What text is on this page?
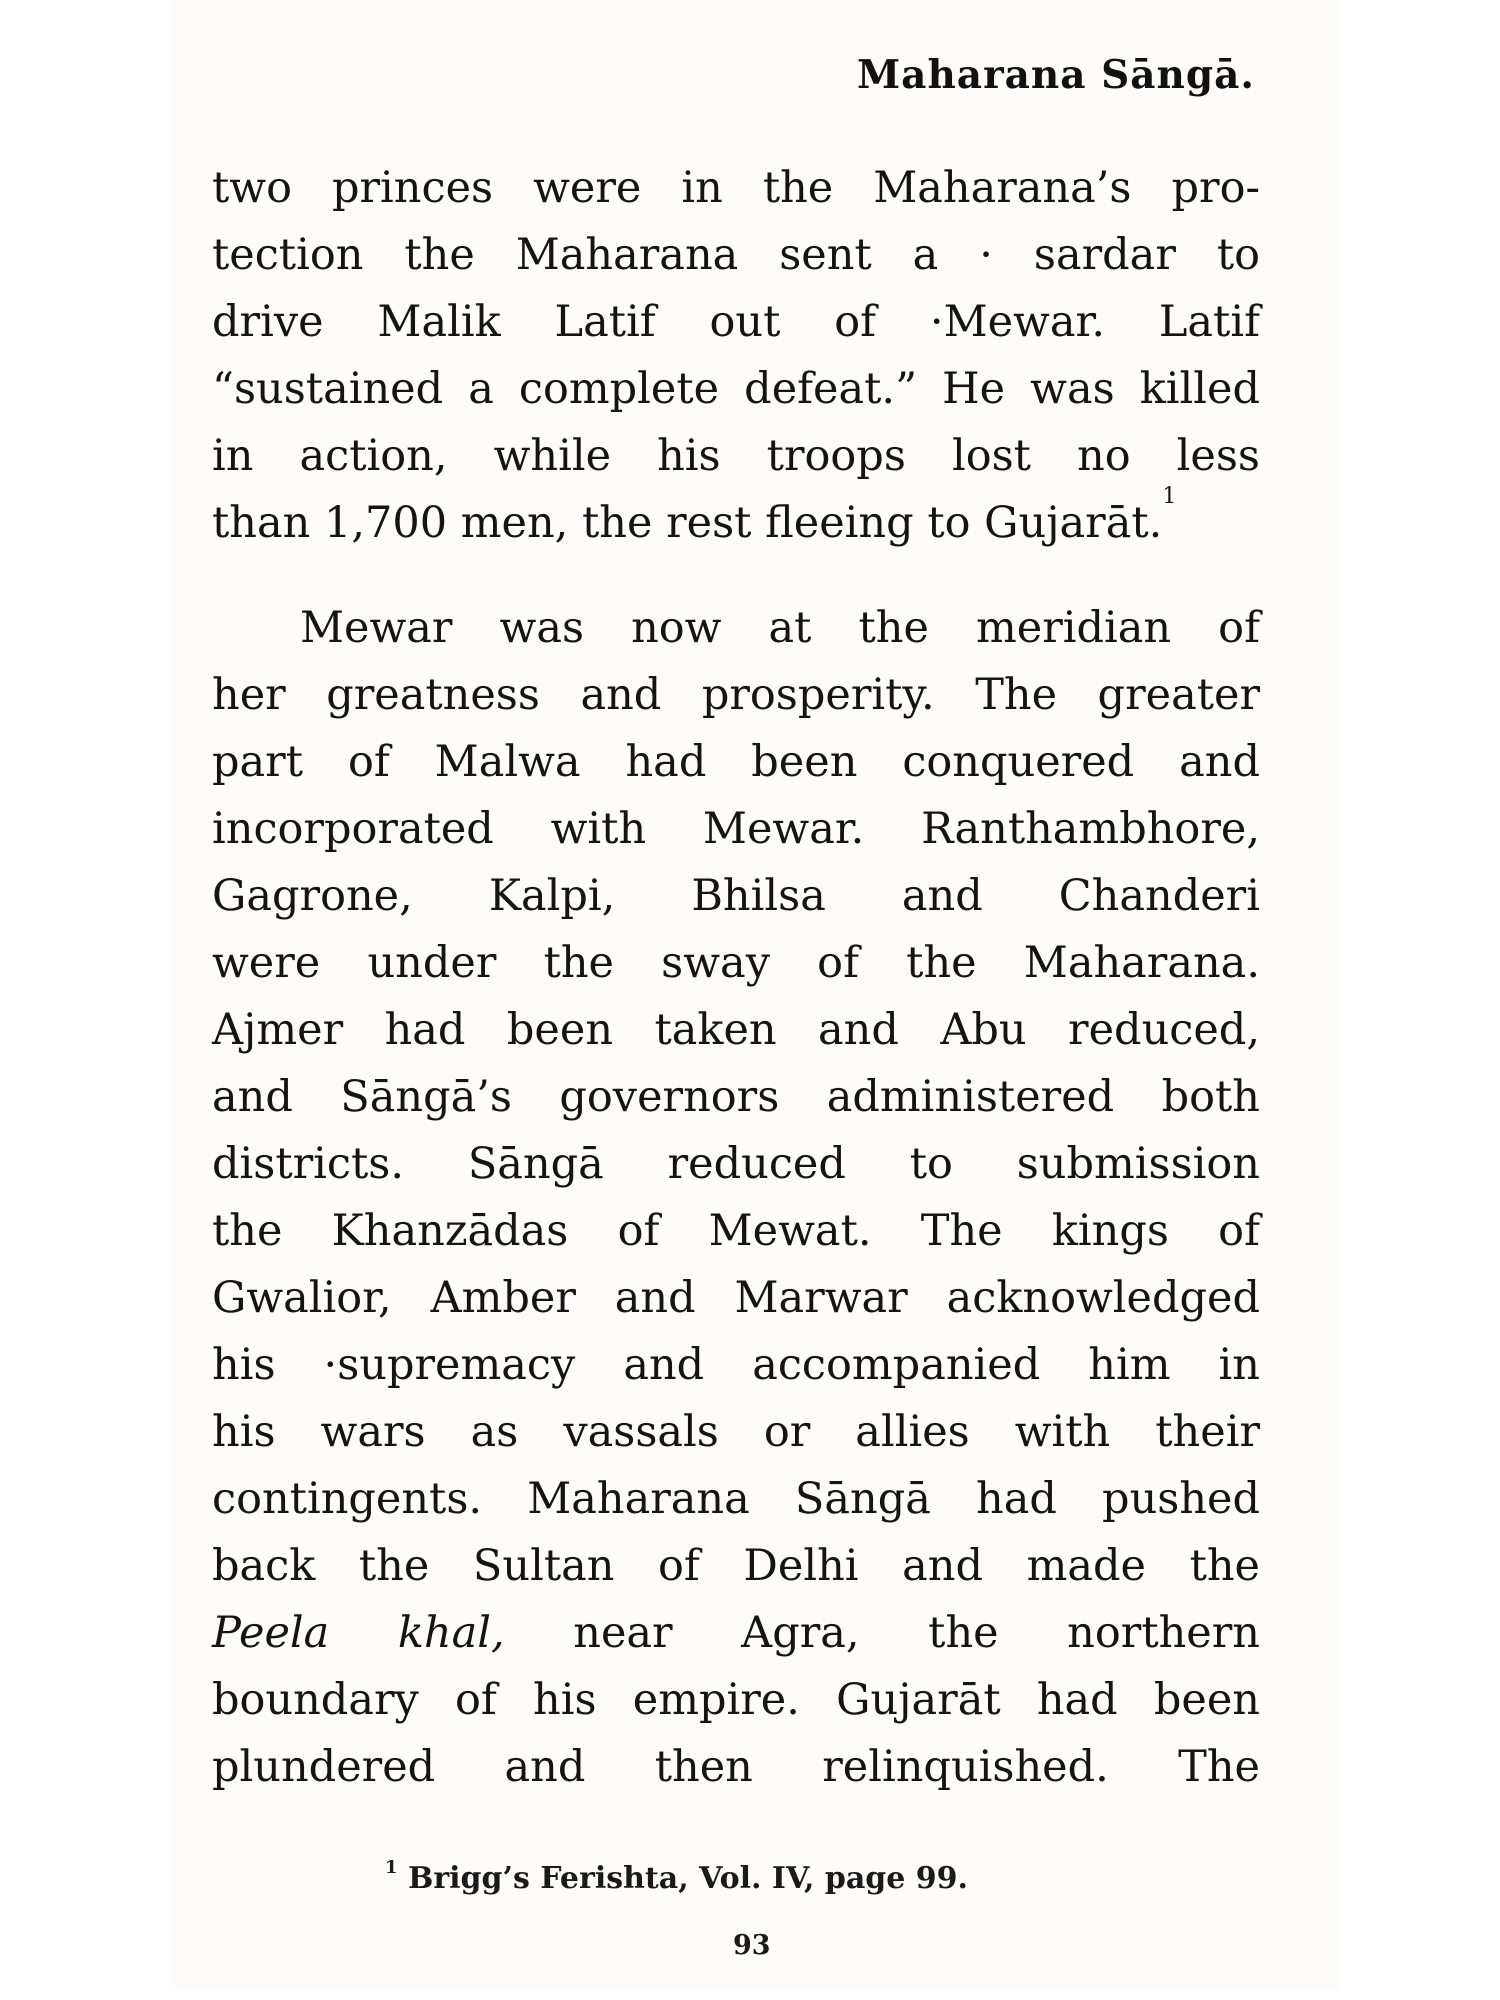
Maharana Sāngā.
two princes were in the Maharana’s pro-
tection the Maharana sent a · sardar to
drive Malik Latif out of ·Mewar. Latif
“sustained a complete defeat.” He was killed
in action, while his troops lost no less
than 1,700 men, the rest fleeing to Gujarāt.$^1$
Mewar was now at the meridian of
her greatness and prosperity. The greater
part of Malwa had been conquered and
incorporated with Mewar. Ranthambhore,
Gagrone, Kalpi, Bhilsa and Chanderi
were under the sway of the Maharana.
Ajmer had been taken and Abu reduced,
and Sāngā’s governors administered both
districts. Sāngā reduced to submission
the Khanzādas of Mewat. The kings of
Gwalior, Amber and Marwar acknowledged
his ·supremacy and accompanied him in
his wars as vassals or allies with their
contingents. Maharana Sāngā had pushed
back the Sultan of Delhi and made the
Peela khal, near Agra, the northern
boundary of his empire. Gujarāt had been
plundered and then relinquished. The
$^1$ Brigg’s Ferishta, Vol. IV, page 99.
93
